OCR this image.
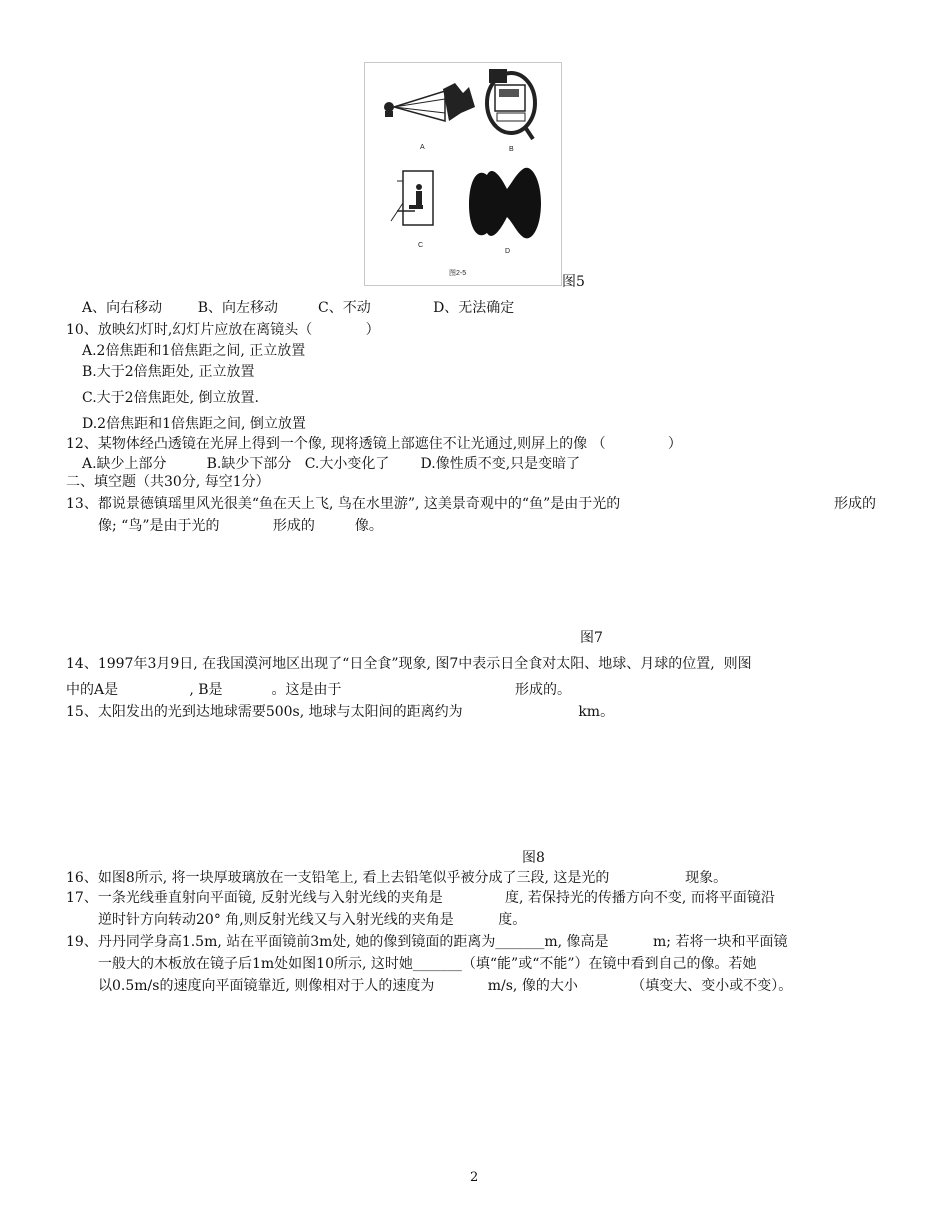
A	B
C
D
图2-5
图5
A、向右移动        B、向左移动         C、不动              D、无法确定
10、放映幻灯时,幻灯片应放在离镜头（            ）
A.2倍焦距和1倍焦距之间, 正立放置
B.大于2倍焦距处, 正立放置
C.大于2倍焦距处, 倒立放置.
D.2倍焦距和1倍焦距之间, 倒立放置
12、某物体经凸透镜在光屏上得到一个像, 现将透镜上部遮住不让光通过,则屏上的像 （              ）
A.缺少上部分         B.缺少下部分   C.大小变化了       D.像性质不变,只是变暗了
二、填空题（共30分, 每空1分）
13、都说景德镇瑶里风光很美“鱼在天上飞, 鸟在水里游”, 这美景奇观中的“鱼”是由于光的	形成的
像; “鸟”是由于光的            形成的         像。
图7
14、1997年3月9日, 在我国漠河地区出现了“日全食”现象, 图7中表示日全食对太阳、地球、月球的位置,  则图
中的A是                , B是           。这是由于                                       形成的。
15、太阳发出的光到达地球需要500s, 地球与太阳间的距离约为                          km。
图8
16、如图8所示, 将一块厚玻璃放在一支铅笔上, 看上去铅笔似乎被分成了三段, 这是光的                 现象。
17、一条光线垂直射向平面镜, 反射光线与入射光线的夹角是              度, 若保持光的传播方向不变, 而将平面镜沿
逆时针方向转动20° 角,则反射光线又与入射光线的夹角是          度。
19、丹丹同学身高1.5m, 站在平面镜前3m处, 她的像到镜面的距离为_______m, 像高是          m; 若将一块和平面镜
一般大的木板放在镜子后1m处如图10所示, 这时她_______（填“能”或“不能”）在镜中看到自己的像。若她
以0.5m/s的速度向平面镜靠近, 则像相对于人的速度为            m/s, 像的大小            （填变大、变小或不变）。
2
